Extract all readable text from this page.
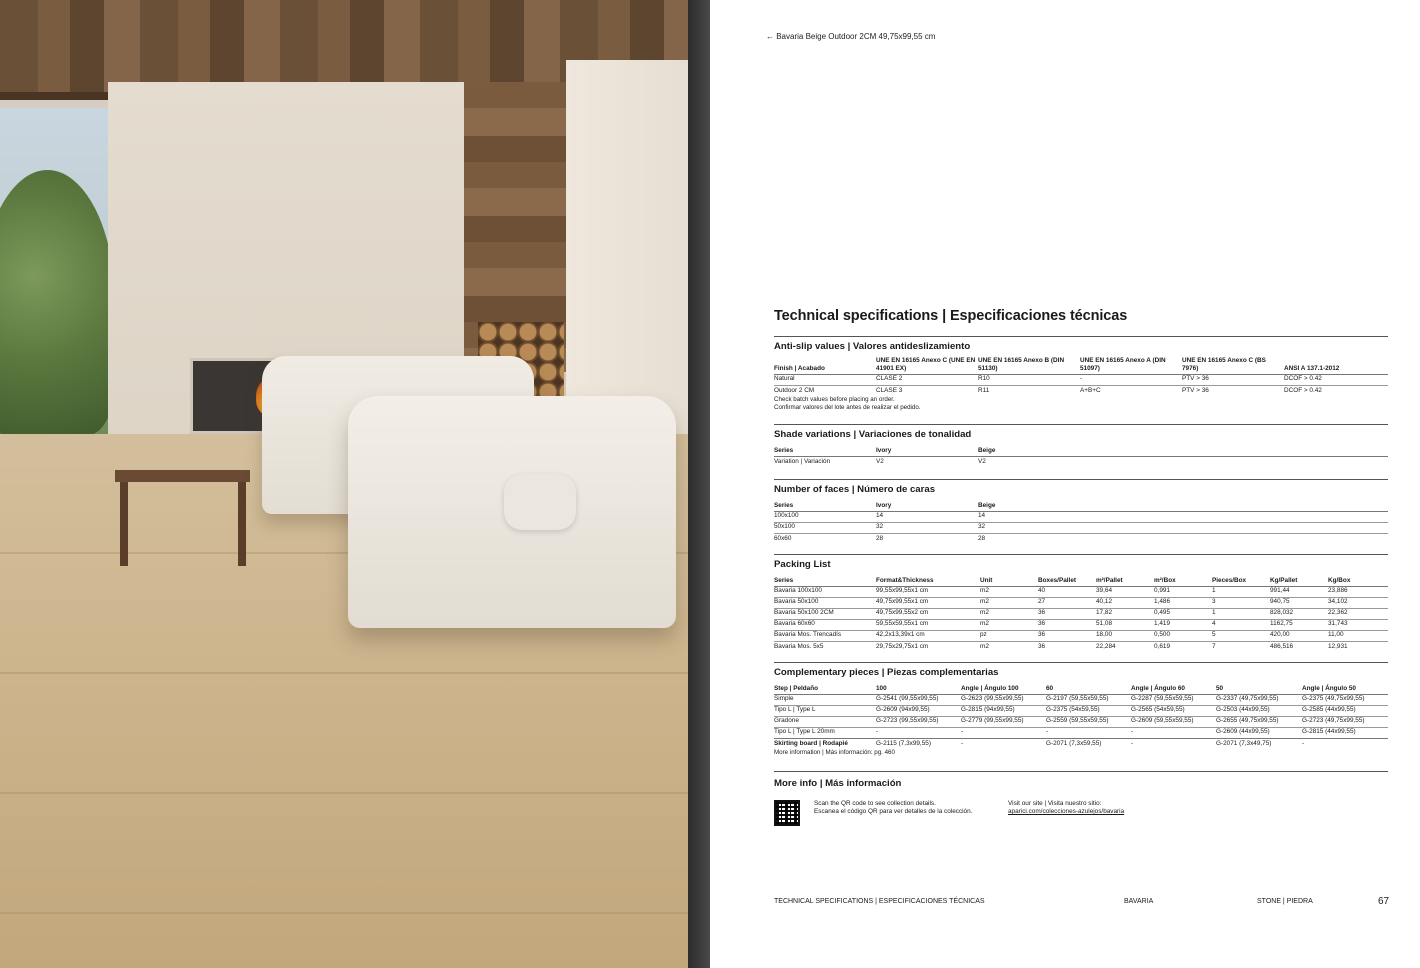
← Bavaria Beige Outdoor 2CM 49,75x99,55 cm
Technical specifications | Especificaciones técnicas
Anti-slip values | Valores antideslizamiento
Finish | Acabado	UNE EN 16165 Anexo C (UNE EN 41901 EX)	UNE EN 16165 Anexo B (DIN 51130)	UNE EN 16165 Anexo A (DIN 51097)	UNE EN 16165 Anexo C (BS 7976)	ANSI A 137.1-2012
Natural	CLASE 2	R10	-	PTV > 36	DCOF > 0.42
Outdoor 2 CM	CLASE 3	R11	A+B+C	PTV > 36	DCOF > 0.42
Check batch values before placing an order.
Confirmar valores del lote antes de realizar el pedido.
Shade variations | Variaciones de tonalidad
Series	Ivory	Beige
Variation | Variación	V2	V2
Number of faces | Número de caras
Series	Ivory	Beige
100x100	14	14
50x100	32	32
60x60	28	28
Packing List
Series	Format&Thickness	Unit	Boxes/Pallet	m²/Pallet	m²/Box	Pieces/Box	Kg/Pallet	Kg/Box
Bavaria 100x100	99,55x99,55x1 cm	m2	40	39,64	0,991	1	991,44	23,886
Bavaria 50x100	49,75x99,55x1 cm	m2	27	40,12	1,486	3	940,75	34,102
Bavaria 50x100 2CM	49,75x99,55x2 cm	m2	36	17,82	0,495	1	828,032	22,362
Bavaria 60x60	59,55x59,55x1 cm	m2	36	51,08	1,419	4	1162,75	31,743
Bavaria Mos. Trencadís	42,2x13,39x1 cm	pz	36	18,00	0,500	5	420,00	11,00
Bavaria Mos. 5x5	29,75x29,75x1 cm	m2	36	22,284	0,619	7	486,516	12,931
Complementary pieces | Piezas complementarias
Step | Peldaño	100	Angle | Ángulo 100	60	Angle | Ángulo 60	50	Angle | Ángulo 50
Simple	G-2541 (99,55x99,55)	G-2623 (99,55x99,55)	G-2197 (59,55x59,55)	G-2287 (59,55x59,55)	G-2337 (49,75x99,55)	G-2375 (49,75x99,55)
Tipo L | Type L	G-2609 (94x99,55)	G-2815 (94x99,55)	G-2375 (54x59,55)	G-2565 (54x59,55)	G-2503 (44x99,55)	G-2585 (44x99,55)
Gradone	G-2723 (99,55x99,55)	G-2779 (99,55x99,55)	G-2559 (59,55x59,55)	G-2609 (59,55x59,55)	G-2655 (49,75x99,55)	G-2723 (49,75x99,55)
Tipo L | Type L 20mm	-	-	-	-	G-2609 (44x99,55)	G-2815 (44x99,55)
Skirting board | Rodapié	G-2115 (7,3x99,55)	-	G-2071 (7,3x59,55)	-	G-2071 (7,3x49,75)	-
More information | Más información: pg. 460
More info | Más información
Scan the QR code to see collection details.
Escanea el código QR para ver detalles de la colección.
Visit our site | Visita nuestro sitio:
aparici.com/colecciones-azulejos/bavaria
TECHNICAL SPECIFICATIONS | ESPECIFICACIONES TÉCNICAS	BAVARIA	STONE | PIEDRA	67
